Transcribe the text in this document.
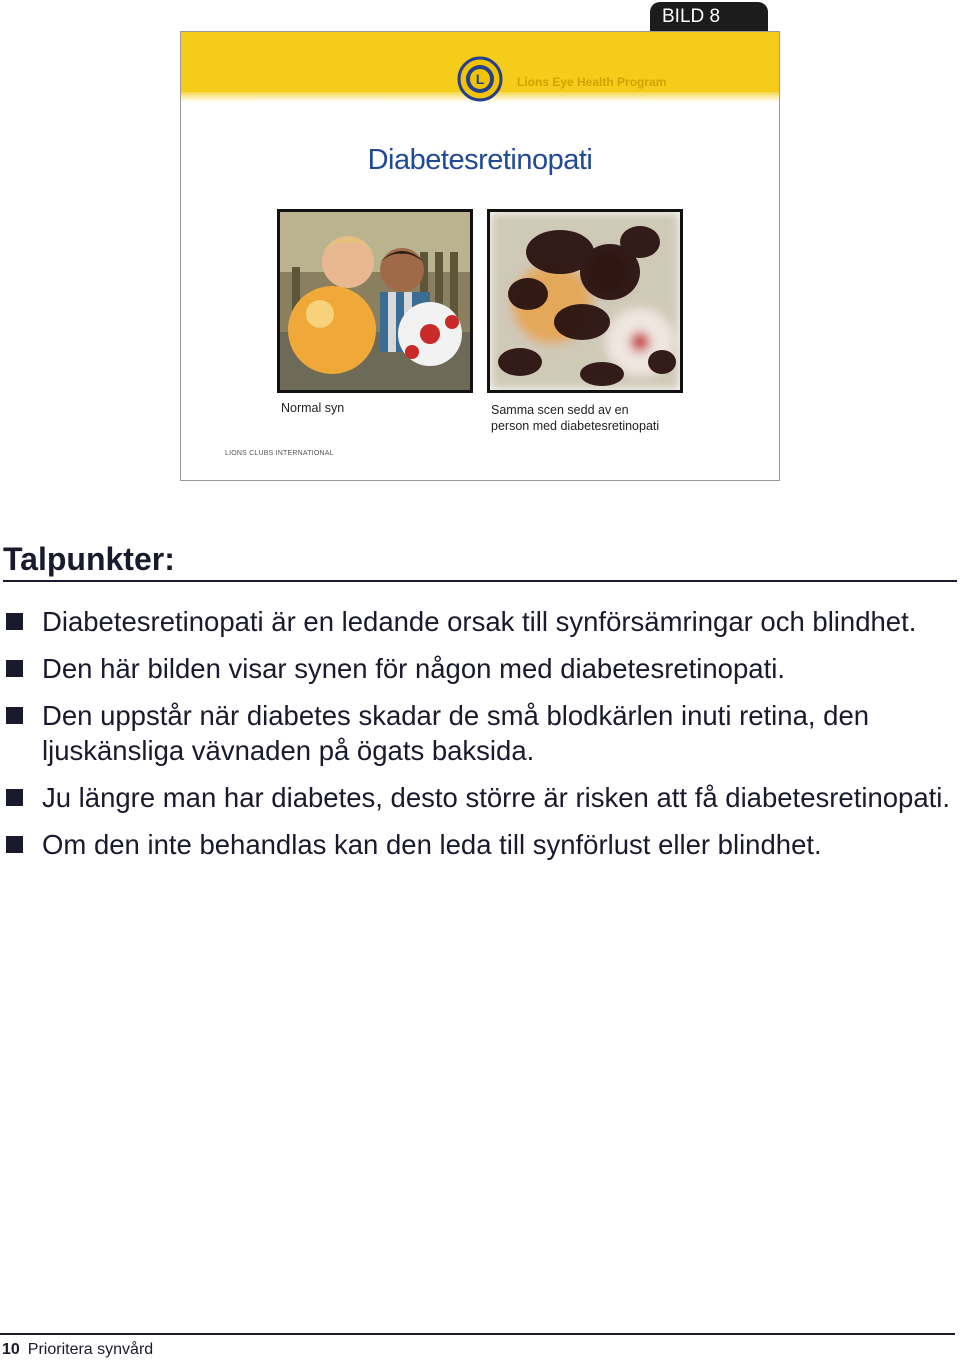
BILD 8
L	Lions Eye Health Program
Diabetesretinopati
Normal syn	Samma scen sedd av en
person med diabetesretinopati
LIONS CLUBS INTERNATIONAL
Talpunkter:
Diabetesretinopati är en ledande orsak till synförsämringar och blindhet.
Den här bilden visar synen för någon med diabetesretinopati.
Den uppstår när diabetes skadar de små blodkärlen inuti retina, den ljuskänsliga vävnaden på ögats baksida.
Ju längre man har diabetes, desto större är risken att få diabetesretinopati.
Om den inte behandlas kan den leda till synförlust eller blindhet.
10 Prioritera synvård
